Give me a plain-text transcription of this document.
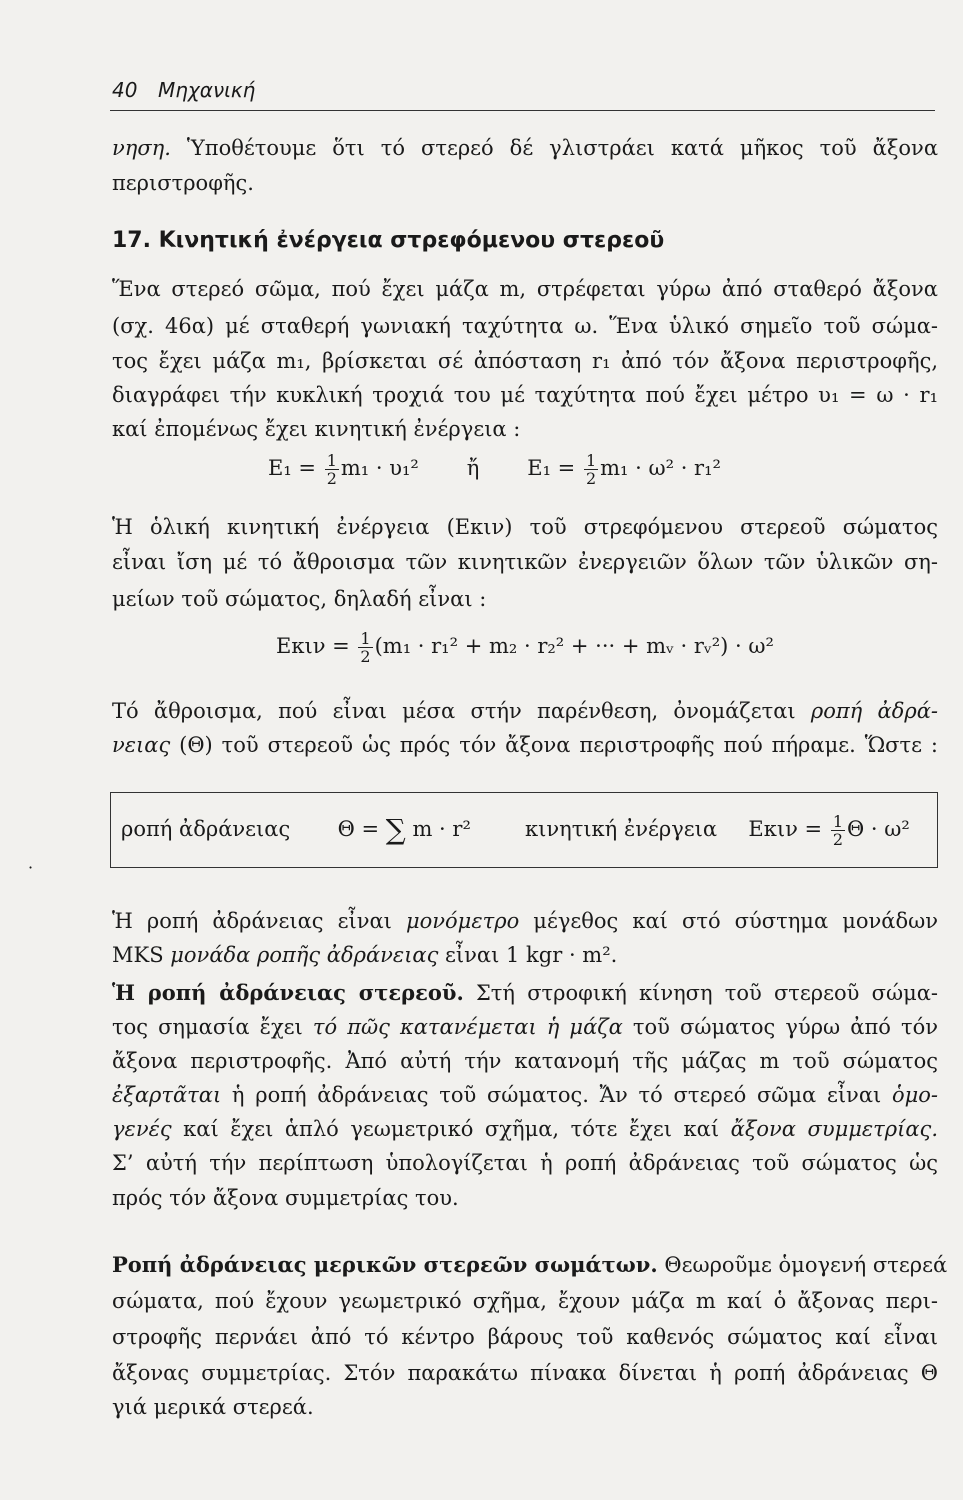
40 Μηχανική
νηση. Ὑποθέτουμε ὅτι τό στερεό δέ γλιστράει κατά μῆκος τοῦ ἄξονα
περιστροφῆς.
17. Κινητική ἐνέργεια στρεφόμενου στερεοῦ
Ἕνα στερεό σῶμα, πού ἔχει μάζα m, στρέφεται γύρω ἀπό σταθερό ἄξονα
(σχ. 46α) μέ σταθερή γωνιακή ταχύτητα ω. Ἕνα ὑλικό σημεῖο τοῦ σώμα-
τος ἔχει μάζα m₁, βρίσκεται σέ ἀπόσταση r₁ ἀπό τόν ἄξονα περιστροφῆς,
διαγράφει τήν κυκλική τροχιά του μέ ταχύτητα πού ἔχει μέτρο υ₁ = ω · r₁
καί ἐπομένως ἔχει κινητική ἐνέργεια :
$E_1 = \frac{1}{2} m_1 \cdot \upsilon_1^2$ ἤ $E_1 = \frac{1}{2} m_1 \cdot \omega^2 \cdot r_1^2$
Ἡ ὁλική κινητική ἐνέργεια (Eκιν) τοῦ στρεφόμενου στερεοῦ σώματος
εἶναι ἴση μέ τό ἄθροισμα τῶν κινητικῶν ἐνεργειῶν ὅλων τῶν ὑλικῶν ση-
μείων τοῦ σώματος, δηλαδή εἶναι :
$E\kappa\iota\nu = \frac{1}{2} (m_1 \cdot r_1^2 + m_2 \cdot r_2^2$ + ··· + mᵥ · rᵥ²) · ω²
Τό ἄθροισμα, πού εἶναι μέσα στήν παρένθεση, ὀνομάζεται ροπή ἀδρά-
νειας (Θ) τοῦ στερεοῦ ὡς πρός τόν ἄξονα περιστροφῆς πού πήραμε. Ὥστε :
ροπή ἀδράνειας Θ = ∑ m · r²	κινητική ἐνέργεια $E\kappa\iota\nu = \frac{1}{2}$ Θ · ω²
·
Ἡ ροπή ἀδράνειας εἶναι μονόμετρο μέγεθος καί στό σύστημα μονάδων
MKS μονάδα ροπῆς ἀδράνειας εἶναι 1 kgr · m².
Ἡ ροπή ἀδράνειας στερεοῦ. Στή στροφική κίνηση τοῦ στερεοῦ σώμα-
τος σημασία ἔχει τό πῶς κατανέμεται ἡ μάζα τοῦ σώματος γύρω ἀπό τόν
ἄξονα περιστροφῆς. Ἀπό αὐτή τήν κατανομή τῆς μάζας m τοῦ σώματος
ἐξαρτᾶται ἡ ροπή ἀδράνειας τοῦ σώματος. Ἄν τό στερεό σῶμα εἶναι ὁμο-
γενές καί ἔχει ἁπλό γεωμετρικό σχῆμα, τότε ἔχει καί ἄξονα συμμετρίας.
Σ’ αὐτή τήν περίπτωση ὑπολογίζεται ἡ ροπή ἀδράνειας τοῦ σώματος ὡς
πρός τόν ἄξονα συμμετρίας του.
Ροπή ἀδράνειας μερικῶν στερεῶν σωμάτων. Θεωροῦμε ὁμογενή στερεά
σώματα, πού ἔχουν γεωμετρικό σχῆμα, ἔχουν μάζα m καί ὁ ἄξονας περι-
στροφῆς περνάει ἀπό τό κέντρο βάρους τοῦ καθενός σώματος καί εἶναι
ἄξονας συμμετρίας. Στόν παρακάτω πίνακα δίνεται ἡ ροπή ἀδράνειας Θ
γιά μερικά στερεά.
